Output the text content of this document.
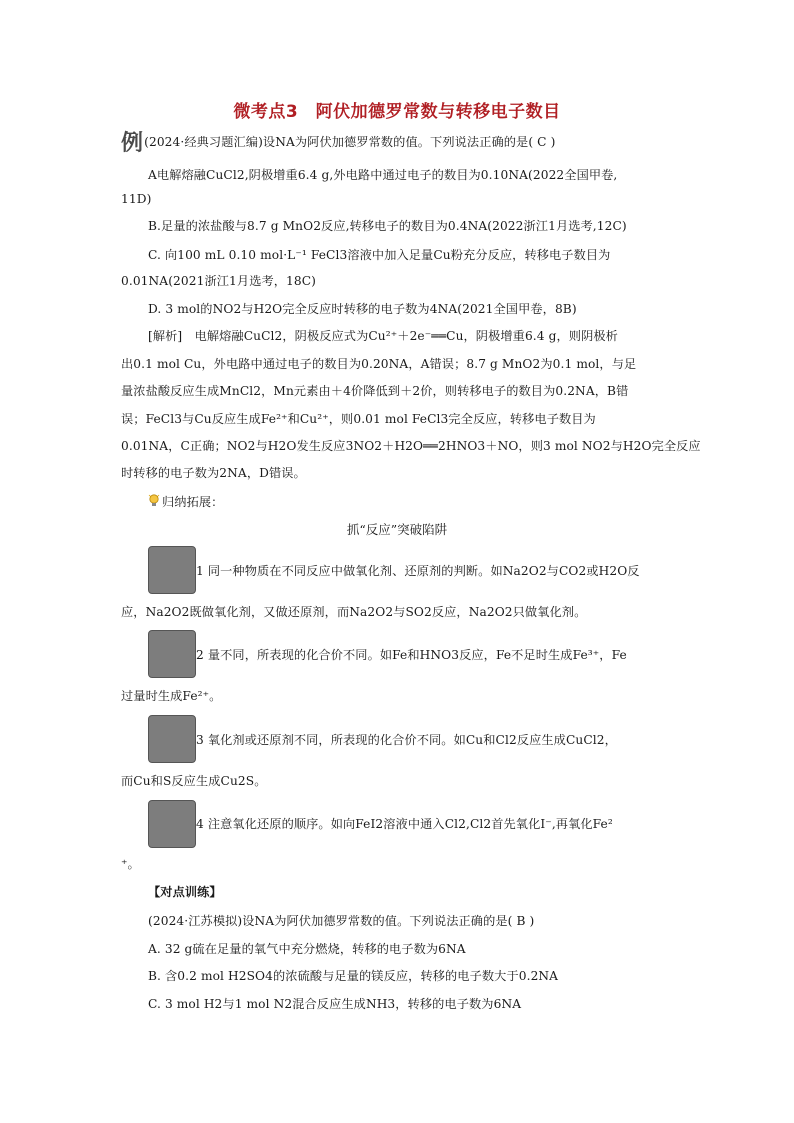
微考点3　阿伏加德罗常数与转移电子数目
例(2024·经典习题汇编)设NA为阿伏加德罗常数的值。下列说法正确的是( C )
A电解熔融CuCl2,阴极增重6.4 g,外电路中通过电子的数目为0.10NA(2022全国甲卷,
11D)
B.足量的浓盐酸与8.7 g MnO2反应,转移电子的数目为0.4NA(2022浙江1月选考,12C)
C. 向100 mL 0.10 mol·L⁻¹ FeCl3溶液中加入足量Cu粉充分反应，转移电子数目为
0.01NA(2021浙江1月选考，18C)
D. 3 mol的NO2与H2O完全反应时转移的电子数为4NA(2021全国甲卷，8B)
[解析]　电解熔融CuCl2，阴极反应式为Cu²⁺＋2e⁻══Cu，阴极增重6.4 g，则阴极析
出0.1 mol Cu，外电路中通过电子的数目为0.20NA，A错误；8.7 g MnO2为0.1 mol，与足
量浓盐酸反应生成MnCl2，Mn元素由＋4价降低到＋2价，则转移电子的数目为0.2NA，B错
误；FeCl3与Cu反应生成Fe²⁺和Cu²⁺，则0.01 mol FeCl3完全反应，转移电子数目为
0.01NA，C正确；NO2与H2O发生反应3NO2＋H2O══2HNO3＋NO，则3 mol NO2与H2O完全反应
时转移的电子数为2NA，D错误。
归纳拓展：
抓“反应”突破陷阱
1 同一种物质在不同反应中做氧化剂、还原剂的判断。如Na2O2与CO2或H2O反
应，Na2O2既做氧化剂，又做还原剂，而Na2O2与SO2反应，Na2O2只做氧化剂。
2 量不同，所表现的化合价不同。如Fe和HNO3反应，Fe不足时生成Fe³⁺，Fe
过量时生成Fe²⁺。
3 氧化剂或还原剂不同，所表现的化合价不同。如Cu和Cl2反应生成CuCl2，
而Cu和S反应生成Cu2S。
4 注意氧化还原的顺序。如向FeI2溶液中通入Cl2,Cl2首先氧化I⁻,再氧化Fe²
⁺。
【对点训练】
(2024·江苏模拟)设NA为阿伏加德罗常数的值。下列说法正确的是( B )
A. 32 g硫在足量的氧气中充分燃烧，转移的电子数为6NA
B. 含0.2 mol H2SO4的浓硫酸与足量的镁反应，转移的电子数大于0.2NA
C. 3 mol H2与1 mol N2混合反应生成NH3，转移的电子数为6NA
